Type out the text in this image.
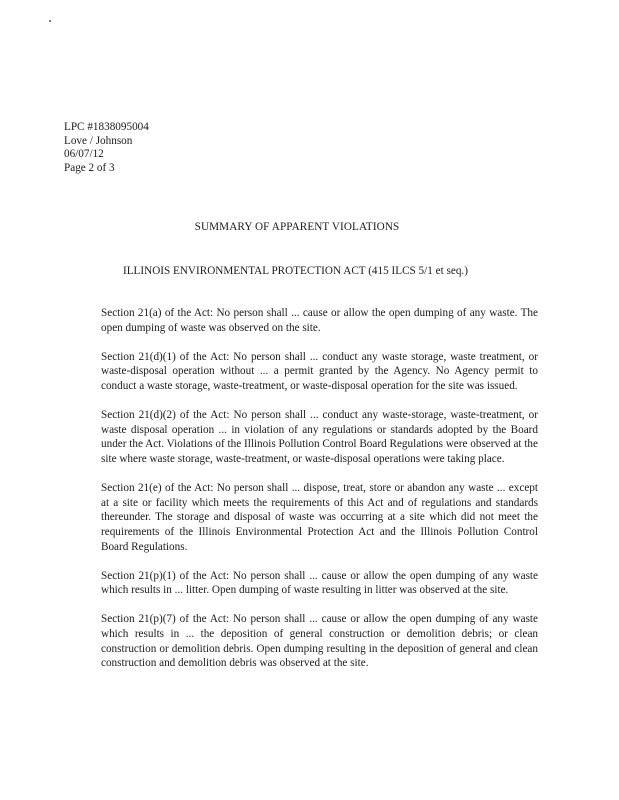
LPC #1838095004
Love / Johnson
06/07/12
Page 2 of 3
SUMMARY OF APPARENT VIOLATIONS
ILLINOIS ENVIRONMENTAL PROTECTION ACT (415 ILCS 5/1 et seq.)

Section 21(a) of the Act: No person shall ... cause or allow the open dumping of any waste. The open dumping of waste was observed on the site.

Section 21(d)(1) of the Act: No person shall ... conduct any waste storage, waste treatment, or waste-disposal operation without ... a permit granted by the Agency. No Agency permit to conduct a waste storage, waste-treatment, or waste-disposal operation for the site was issued.

Section 21(d)(2) of the Act: No person shall ... conduct any waste-storage, waste-treatment, or waste disposal operation ... in violation of any regulations or standards adopted by the Board under the Act. Violations of the Illinois Pollution Control Board Regulations were observed at the site where waste storage, waste-treatment, or waste-disposal operations were taking place.

Section 21(e) of the Act: No person shall ... dispose, treat, store or abandon any waste ... except at a site or facility which meets the requirements of this Act and of regulations and standards thereunder. The storage and disposal of waste was occurring at a site which did not meet the requirements of the Illinois Environmental Protection Act and the Illinois Pollution Control Board Regulations.

Section 21(p)(1) of the Act: No person shall ... cause or allow the open dumping of any waste which results in ... litter. Open dumping of waste resulting in litter was observed at the site.

Section 21(p)(7) of the Act: No person shall ... cause or allow the open dumping of any waste which results in ... the deposition of general construction or demolition debris; or clean construction or demolition debris. Open dumping resulting in the deposition of general and clean construction and demolition debris was observed at the site.
